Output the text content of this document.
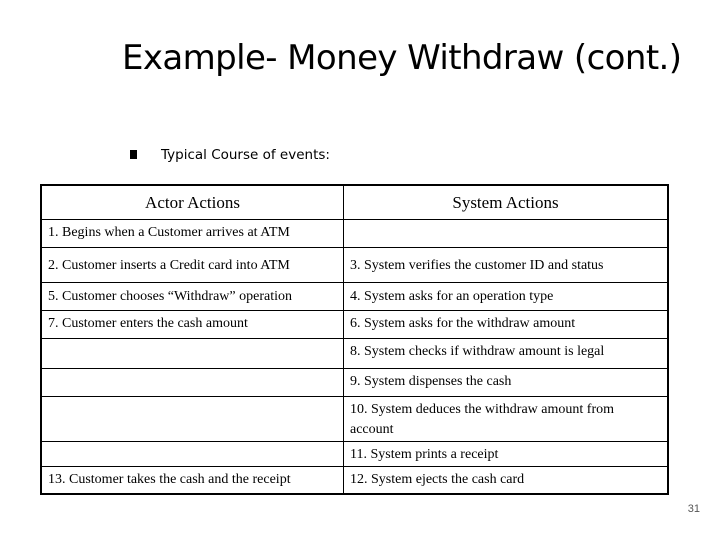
Example- Money Withdraw (cont.)
Typical Course of events:
Actor Actions	System Actions
1. Begins when a Customer arrives at ATM	
2. Customer inserts a Credit card into ATM	3. System verifies the customer ID and status
5. Customer chooses “Withdraw” operation	4. System asks for an operation type
7. Customer enters the cash amount	6. System asks for the withdraw amount
	8. System checks if withdraw amount is legal
	9. System dispenses the cash
	10. System deduces the withdraw amount from account
	11. System prints a receipt
13. Customer takes the cash and the receipt	12. System ejects the cash card
31
